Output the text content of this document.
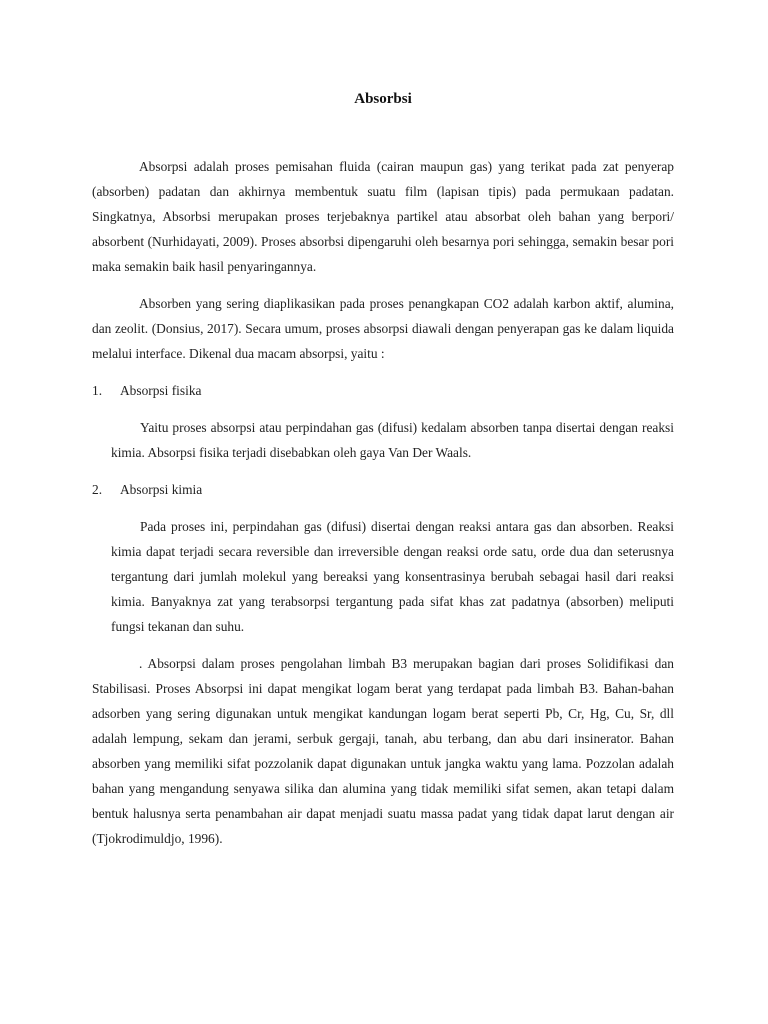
Absorbsi

Absorpsi adalah proses pemisahan fluida (cairan maupun gas) yang terikat pada zat penyerap (absorben) padatan dan akhirnya membentuk suatu film (lapisan tipis) pada permukaan padatan. Singkatnya, Absorbsi merupakan proses terjebaknya partikel atau absorbat oleh bahan yang berpori/ absorbent (Nurhidayati, 2009). Proses absorbsi dipengaruhi oleh besarnya pori sehingga, semakin besar pori maka semakin baik hasil penyaringannya.

Absorben yang sering diaplikasikan pada proses penangkapan CO2 adalah karbon aktif, alumina, dan zeolit. (Donsius, 2017). Secara umum, proses absorpsi diawali dengan penyerapan gas ke dalam liquida melalui interface. Dikenal dua macam absorpsi, yaitu :

1.	Absorpsi fisika

Yaitu proses absorpsi atau perpindahan gas (difusi) kedalam absorben tanpa disertai dengan reaksi kimia. Absorpsi fisika terjadi disebabkan oleh gaya Van Der Waals.

2.	Absorpsi kimia

Pada proses ini, perpindahan gas (difusi) disertai dengan reaksi antara gas dan absorben. Reaksi kimia dapat terjadi secara reversible dan irreversible dengan reaksi orde satu, orde dua dan seterusnya tergantung dari jumlah molekul yang bereaksi yang konsentrasinya berubah sebagai hasil dari reaksi kimia. Banyaknya zat yang terabsorpsi tergantung pada sifat khas zat padatnya (absorben) meliputi fungsi tekanan dan suhu.

. Absorpsi dalam proses pengolahan limbah B3 merupakan bagian dari proses Solidifikasi dan Stabilisasi. Proses Absorpsi ini dapat mengikat logam berat yang terdapat pada limbah B3. Bahan-bahan adsorben yang sering digunakan untuk mengikat kandungan logam berat seperti Pb, Cr, Hg, Cu, Sr, dll adalah lempung, sekam dan jerami, serbuk gergaji, tanah, abu terbang, dan abu dari insinerator. Bahan absorben yang memiliki sifat pozzolanik dapat digunakan untuk jangka waktu yang lama. Pozzolan adalah bahan yang mengandung senyawa silika dan alumina yang tidak memiliki sifat semen, akan tetapi dalam bentuk halusnya serta penambahan air dapat menjadi suatu massa padat yang tidak dapat larut dengan air (Tjokrodimuldjo, 1996).
